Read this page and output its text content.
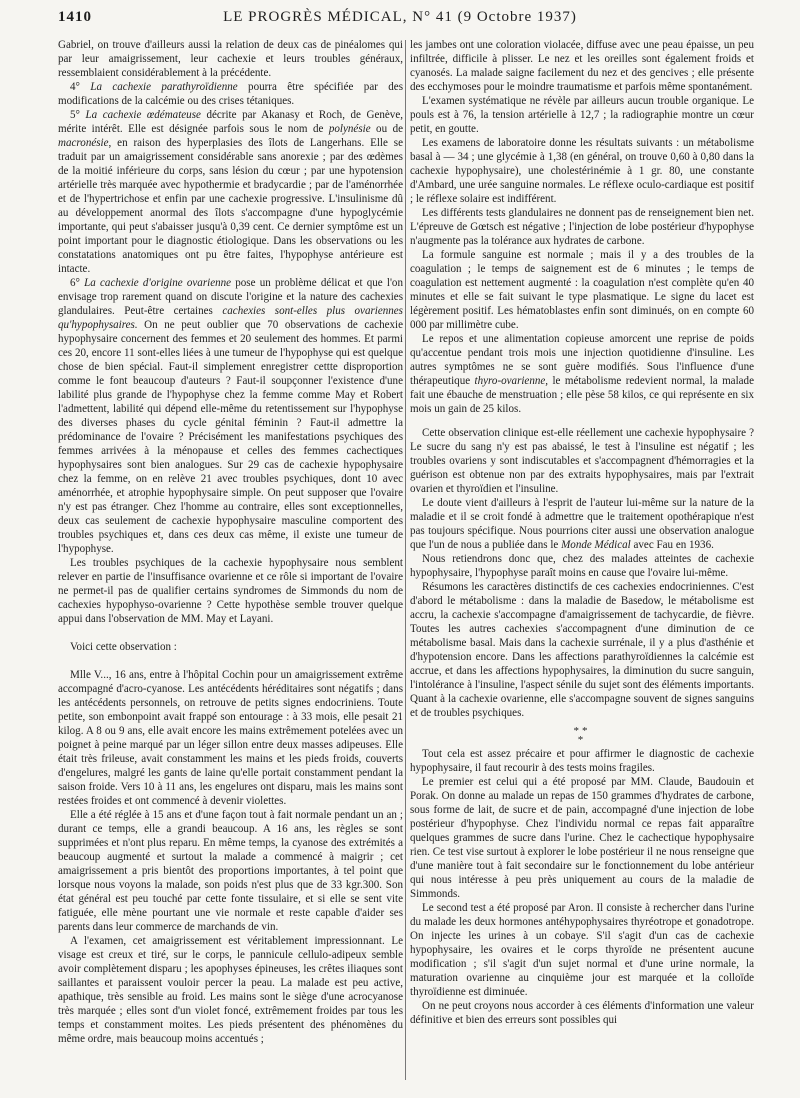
1410	LE PROGRÈS MÉDICAL, N° 41 (9 Octobre 1937)

Gabriel, on trouve d'ailleurs aussi la relation de deux cas de pinéalomes qui par leur amaigrissement, leur cachexie et leurs troubles généraux, ressemblaient considérablement à la précédente.

4° La cachexie parathyroïdienne pourra être spécifiée par des modifications de la calcémie ou des crises tétaniques.

5° La cachexie œdémateuse décrite par Akanasy et Roch, de Genève, mérite intérêt. Elle est désignée parfois sous le nom de polynésie ou de macronésie, en raison des hyperplasies des îlots de Langerhans. Elle se traduit par un amaigrissement considérable sans anorexie ; par des œdèmes de la moitié inférieure du corps, sans lésion du cœur ; par une hypotension artérielle très marquée avec hypothermie et bradycardie ; par de l'aménorrhée et de l'hypertrichose et enfin par une cachexie progressive. L'insulinisme dû au développement anormal des îlots s'accompagne d'une hypoglycémie importante, qui peut s'abaisser jusqu'à 0,39 cent. Ce dernier symptôme est un point important pour le diagnostic étiologique. Dans les observations ou les constatations anatomiques ont pu être faites, l'hypophyse antérieure est intacte.

6° La cachexie d'origine ovarienne pose un problème délicat et que l'on envisage trop rarement quand on discute l'origine et la nature des cachexies glandulaires. Peut-être certaines cachexies sont-elles plus ovariennes qu'hypophysaires. On ne peut oublier que 70 observations de cachexie hypophysaire concernent des femmes et 20 seulement des hommes. Et parmi ces 20, encore 11 sont-elles liées à une tumeur de l'hypophyse qui est quelque chose de bien spécial. Faut-il simplement enregistrer cettte disproportion comme le font beaucoup d'auteurs ? Faut-il soupçonner l'existence d'une labilité plus grande de l'hypophyse chez la femme comme May et Robert l'admettent, labilité qui dépend elle-même du retentissement sur l'hypophyse des diverses phases du cycle génital féminin ? Faut-il admettre la prédominance de l'ovaire ? Précisément les manifestations psychiques des femmes arrivées à la ménopause et celles des femmes cachectiques hypophysaires sont bien analogues. Sur 29 cas de cachexie hypophysaire chez la femme, on en relève 21 avec troubles psychiques, dont 10 avec aménorrhée, et atrophie hypophysaire simple. On peut supposer que l'ovaire n'y est pas étranger. Chez l'homme au contraire, elles sont exceptionnelles, deux cas seulement de cachexie hypophysaire masculine comportent des troubles psychiques et, dans ces deux cas même, il existe une tumeur de l'hypophyse.

Les troubles psychiques de la cachexie hypophysaire nous semblent relever en partie de l'insuffisance ovarienne et ce rôle si important de l'ovaire ne permet-il pas de qualifier certains syndromes de Simmonds du nom de cachexies hypophyso-ovarienne ? Cette hypothèse semble trouver quelque appui dans l'observation de MM. May et Layani.

Voici cette observation :

Mlle V..., 16 ans, entre à l'hôpital Cochin pour un amaigrissement extrême accompagné d'acro-cyanose. Les antécédents héréditaires sont négatifs ; dans les antécédents personnels, on retrouve de petits signes endocriniens. Toute petite, son embonpoint avait frappé son entourage : à 33 mois, elle pesait 21 kilog. A 8 ou 9 ans, elle avait encore les mains extrêmement potelées avec un poignet à peine marqué par un léger sillon entre deux masses adipeuses. Elle était très frileuse, avait constamment les mains et les pieds froids, couverts d'engelures, malgré les gants de laine qu'elle portait constamment pendant la saison froide. Vers 10 à 11 ans, les engelures ont disparu, mais les mains sont restées froides et ont commencé à devenir violettes.

Elle a été réglée à 15 ans et d'une façon tout à fait normale pendant un an ; durant ce temps, elle a grandi beaucoup. A 16 ans, les règles se sont supprimées et n'ont plus reparu. En même temps, la cyanose des extrémités a beaucoup augmenté et surtout la malade a commencé à maigrir ; cet amaigrissement a pris bientôt des proportions importantes, à tel point que lorsque nous voyons la malade, son poids n'est plus que de 33 kgr.300. Son état général est peu touché par cette fonte tissulaire, et si elle se sent vite fatiguée, elle mène pourtant une vie normale et reste capable d'aider ses parents dans leur commerce de marchands de vin.

A l'examen, cet amaigrissement est véritablement impressionnant. Le visage est creux et tiré, sur le corps, le pannicule cellulo-adipeux semble avoir complètement disparu ; les apophyses épineuses, les crêtes iliaques sont saillantes et paraissent vouloir percer la peau. La malade est peu active, apathique, très sensible au froid. Les mains sont le siège d'une acrocyanose très marquée ; elles sont d'un violet foncé, extrêmement froides par tous les temps et constamment moites. Les pieds présentent des phénomènes du même ordre, mais beaucoup moins accentués ;

les jambes ont une coloration violacée, diffuse avec une peau épaisse, un peu infiltrée, difficile à plisser. Le nez et les oreilles sont également froids et cyanosés. La malade saigne facilement du nez et des gencives ; elle présente des ecchymoses pour le moindre traumatisme et parfois même spontanément.

L'examen systématique ne révèle par ailleurs aucun trouble organique. Le pouls est à 76, la tension artérielle à 12,7 ; la radiographie montre un cœur petit, en goutte.

Les examens de laboratoire donne les résultats suivants : un métabolisme basal à — 34 ; une glycémie à 1,38 (en général, on trouve 0,60 à 0,80 dans la cachexie hypophysaire), une cholestérinémie à 1 gr. 80, une constante d'Ambard, une urée sanguine normales. Le réflexe oculo-cardiaque est positif ; le réflexe solaire est indifférent.

Les différents tests glandulaires ne donnent pas de renseignement bien net. L'épreuve de Gœtsch est négative ; l'injection de lobe postérieur d'hypophyse n'augmente pas la tolérance aux hydrates de carbone.

La formule sanguine est normale ; mais il y a des troubles de la coagulation ; le temps de saignement est de 6 minutes ; le temps de coagulation est nettement augmenté : la coagulation n'est complète qu'en 40 minutes et elle se fait suivant le type plasmatique. Le signe du lacet est légèrement positif. Les hématoblastes enfin sont diminués, on en compte 60 000 par millimètre cube.

Le repos et une alimentation copieuse amorcent une reprise de poids qu'accentue pendant trois mois une injection quotidienne d'insuline. Les autres symptômes ne se sont guère modifiés. Sous l'influence d'une thérapeutique thyro-ovarienne, le métabolisme redevient normal, la malade fait une ébauche de menstruation ; elle pèse 58 kilos, ce qui représente en six mois un gain de 25 kilos.

Cette observation clinique est-elle réellement une cachexie hypophysaire ? Le sucre du sang n'y est pas abaissé, le test à l'insuline est négatif ; les troubles ovariens y sont indiscutables et s'accompagnent d'hémorragies et la guérison est obtenue non par des extraits hypophysaires, mais par l'extrait ovarien et thyroïdien et l'insuline.

Le doute vient d'ailleurs à l'esprit de l'auteur lui-même sur la nature de la maladie et il se croit fondé à admettre que le traitement opothérapique n'est pas toujours spécifique. Nous pourrions citer aussi une observation analogue que l'un de nous a publiée dans le Monde Médical avec Fau en 1936.

Nous retiendrons donc que, chez des malades atteintes de cachexie hypophysaire, l'hypophyse paraît moins en cause que l'ovaire lui-même.

Résumons les caractères distinctifs de ces cachexies endocriniennes. C'est d'abord le métabolisme : dans la maladie de Basedow, le métabolisme est accru, la cachexie s'accompagne d'amaigrissement de tachycardie, de fièvre. Toutes les autres cachexies s'accompagnent d'une diminution de ce métabolisme basal. Mais dans la cachexie surrénale, il y a plus d'asthénie et d'hypotension encore. Dans les affections parathyroïdiennes la calcémie est accrue, et dans les affections hypophysaires, la diminution du sucre sanguin, l'intolérance à l'insuline, l'aspect sénile du sujet sont des éléments importants. Quant à la cachexie ovarienne, elle s'accompagne souvent de signes sanguins et de troubles psychiques.

**
*

Tout cela est assez précaire et pour affirmer le diagnostic de cachexie hypophysaire, il faut recourir à des tests moins fragiles.

Le premier est celui qui a été proposé par MM. Claude, Baudouin et Porak. On donne au malade un repas de 150 grammes d'hydrates de carbone, sous forme de lait, de sucre et de pain, accompagné d'une injection de lobe postérieur d'hypophyse. Chez l'individu normal ce repas fait apparaître quelques grammes de sucre dans l'urine. Chez le cachectique hypophysaire rien. Ce test vise surtout à explorer le lobe postérieur il ne nous renseigne que d'une manière tout à fait secondaire sur le fonctionnement du lobe antérieur qui nous intéresse à peu près uniquement au cours de la maladie de Simmonds.

Le second test a été proposé par Aron. Il consiste à rechercher dans l'urine du malade les deux hormones antéhypophysaires thyréotrope et gonadotrope. On injecte les urines à un cobaye. S'il s'agit d'un cas de cachexie hypophysaire, les ovaires et le corps thyroïde ne présentent aucune modification ; s'il s'agit d'un sujet normal et d'une urine normale, la maturation ovarienne au cinquième jour est marquée et la colloïde thyroïdienne est diminuée.

On ne peut croyons nous accorder à ces éléments d'information une valeur définitive et bien des erreurs sont possibles qui
